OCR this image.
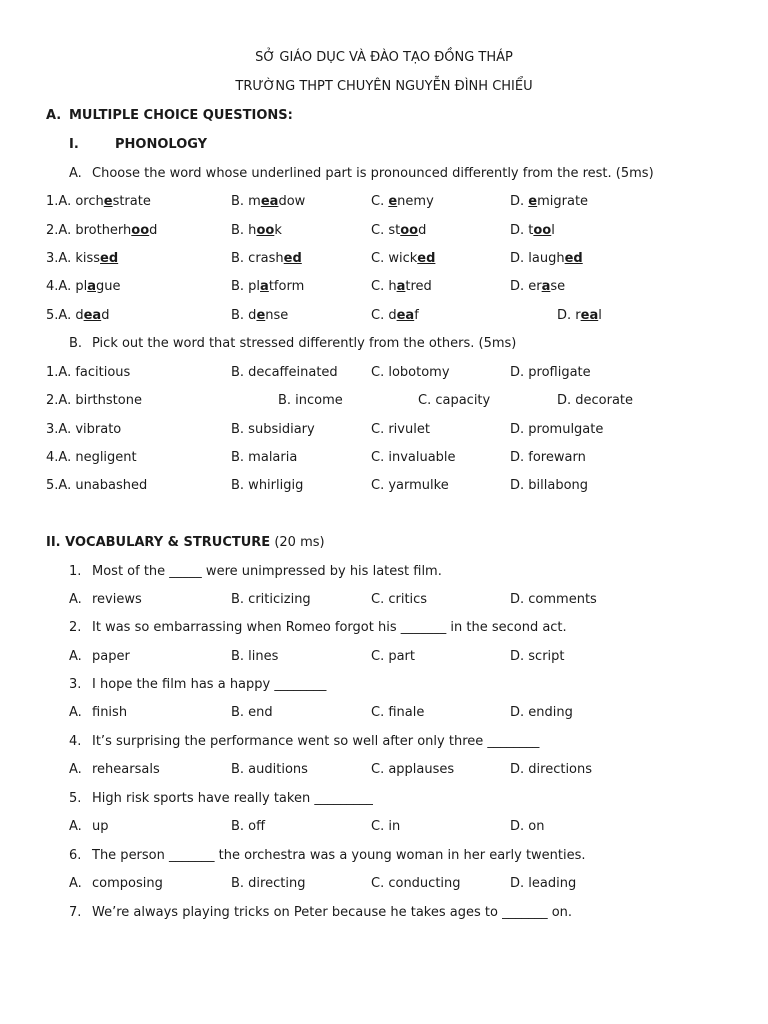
SỞ GIÁO DỤC VÀ ĐÀO TẠO ĐỒNG THÁP
TRƯỜNG THPT CHUYÊN NGUYỄN ĐÌNH CHIỂU
A. MULTIPLE CHOICE QUESTIONS:
I.	PHONOLOGY
A. Choose the word whose underlined part is pronounced differently from the rest. (5ms)
1.A. orchestrate	B. meadow	C. enemy	D. emigrate
2.A. brotherhood	B. hook	C. stood	D. tool
3.A. kissed	B. crashed	C. wicked	D. laughed
4.A. plague	B. platform	C. hatred	D. erase
5.A. dead	B. dense	C. deaf	D. real
B. Pick out the word that stressed differently from the others. (5ms)
1.A. facitious	B. decaffeinated	C. lobotomy	D. profligate
2.A. birthstone	B. income	C. capacity	D. decorate
3.A. vibrato	B. subsidiary	C. rivulet	D. promulgate
4.A. negligent	B. malaria	C. invaluable	D. forewarn
5.A. unabashed	B. whirligig	C. yarmulke	D. billabong
II. VOCABULARY & STRUCTURE (20 ms)
1. Most of the _____ were unimpressed by his latest film.
A. reviews	B. criticizing	C. critics	D. comments
2. It was so embarrassing when Romeo forgot his _______ in the second act.
A. paper	B. lines	C. part	D. script
3. I hope the film has a happy ________
A. finish	B. end	C. finale	D. ending
4. It’s surprising the performance went so well after only three ________
A. rehearsals	B. auditions	C. applauses	D. directions
5. High risk sports have really taken _________
A. up	B. off	C. in	D. on
6. The person _______ the orchestra was a young woman in her early twenties.
A. composing	B. directing	C. conducting	D. leading
7. We’re always playing tricks on Peter because he takes ages to _______ on.
